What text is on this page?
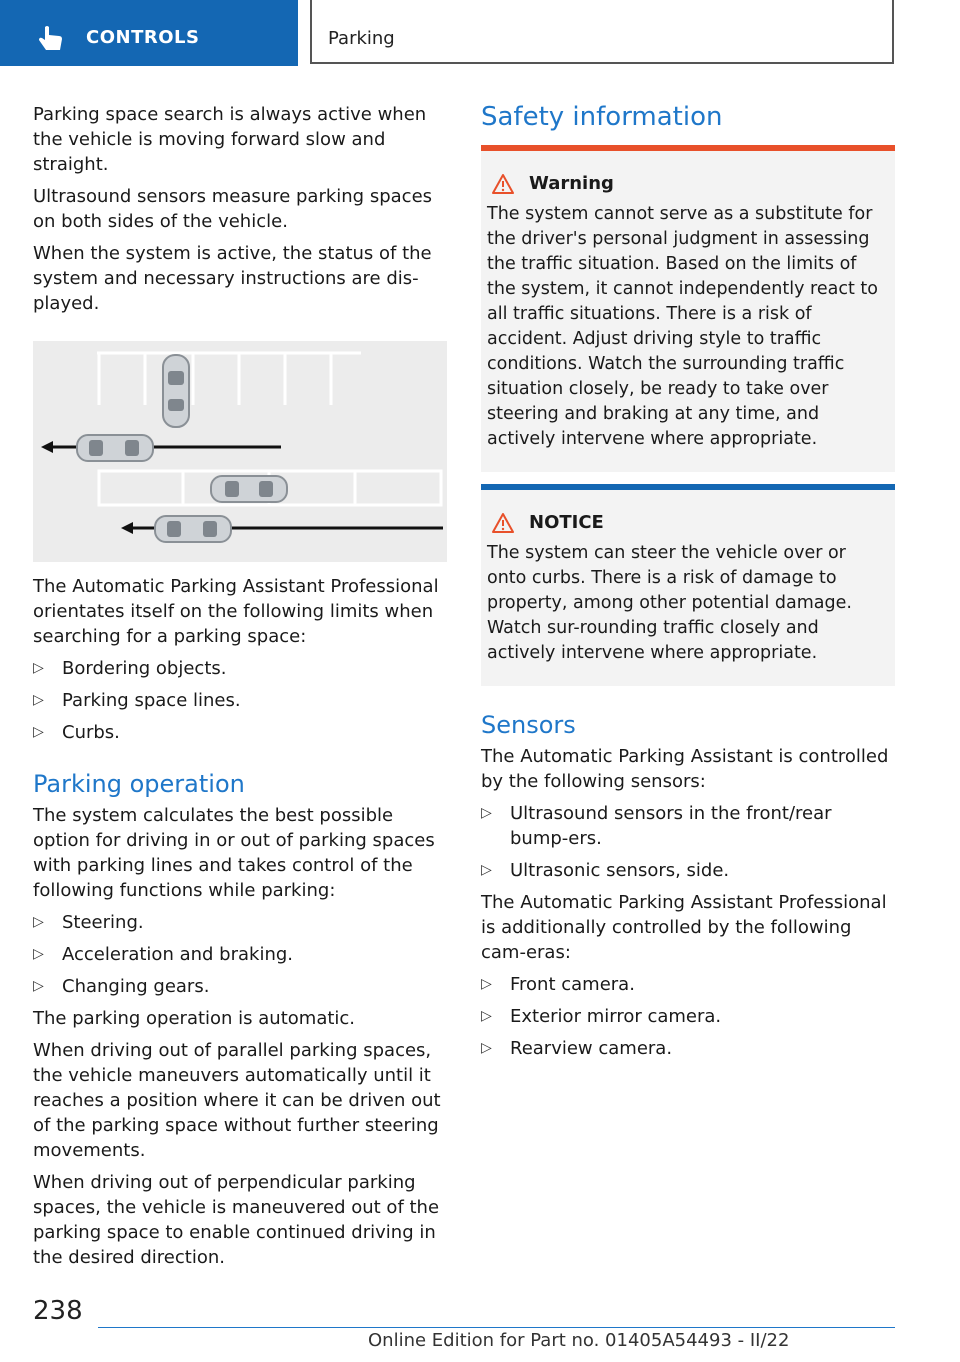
CONTROLS	Parking

Parking space search is always active when the vehicle is moving forward slow and straight.

Ultrasound sensors measure parking spaces on both sides of the vehicle.

When the system is active, the status of the system and necessary instructions are dis-played.

The Automatic Parking Assistant Professional orientates itself on the following limits when searching for a parking space:

▷ Bordering objects.
▷ Parking space lines.
▷ Curbs.
Parking operation

The system calculates the best possible option for driving in or out of parking spaces with parking lines and takes control of the following functions while parking:

▷ Steering.
▷ Acceleration and braking.
▷ Changing gears.

The parking operation is automatic.

When driving out of parallel parking spaces, the vehicle maneuvers automatically until it reaches a position where it can be driven out of the parking space without further steering movements.

When driving out of perpendicular parking spaces, the vehicle is maneuvered out of the parking space to enable continued driving in the desired direction.

Safety information
Warning
The system cannot serve as a substitute for the driver's personal judgment in assessing the traffic situation. Based on the limits of the system, it cannot independently react to all traffic situations. There is a risk of accident. Adjust driving style to traffic conditions. Watch the surrounding traffic situation closely, be ready to take over steering and braking at any time, and actively intervene where appropriate.
NOTICE
The system can steer the vehicle over or onto curbs. There is a risk of damage to property, among other potential damage. Watch sur-rounding traffic closely and actively intervene where appropriate.
Sensors

The Automatic Parking Assistant is controlled by the following sensors:

▷ Ultrasound sensors in the front/rear bump-ers.
▷ Ultrasonic sensors, side.

The Automatic Parking Assistant Professional is additionally controlled by the following cam-eras:

▷ Front camera.
▷ Exterior mirror camera.
▷ Rearview camera.
238
Online Edition for Part no. 01405A54493 - II/22
